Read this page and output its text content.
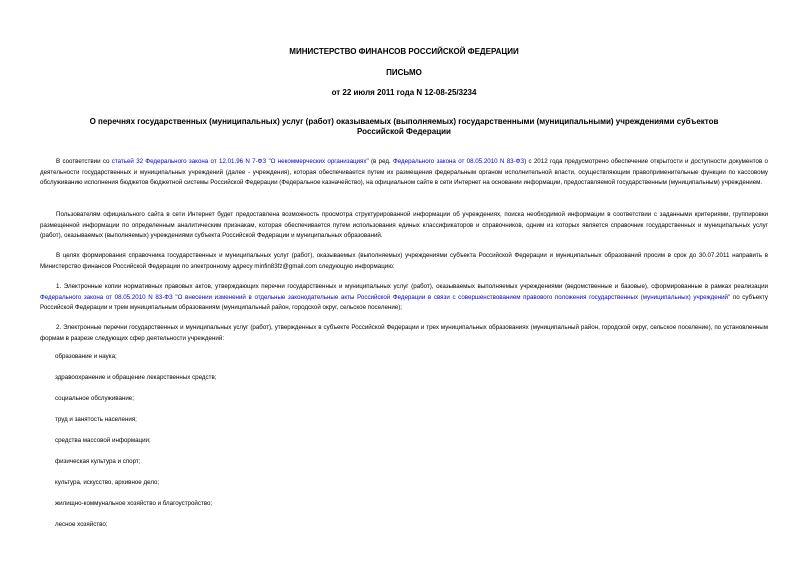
МИНИСТЕРСТВО ФИНАНСОВ РОССИЙСКОЙ ФЕДЕРАЦИИ
ПИСЬМО
от 22 июля 2011 года N 12-08-25/3234
О перечнях государственных (муниципальных) услуг (работ) оказываемых (выполняемых) государственными (муниципальными) учреждениями субъектов Российской Федерации
В соответствии со статьей 32 Федерального закона от 12.01.96 N 7-ФЗ "О некоммерческих организациях" (в ред. Федерального закона от 08.05.2010 N 83-ФЗ) с 2012 года предусмотрено обеспечение открытости и доступности документов о деятельности государственных и муниципальных учреждений (далее - учреждения), которая обеспечивается путем их размещения федеральным органом исполнительной власти, осуществляющим правоприменительные функции по кассовому обслуживанию исполнения бюджетов бюджетной системы Российской Федерации (Федеральное казначейство), на официальном сайте в сети Интернет на основании информации, предоставляемой государственным (муниципальным) учреждением.
Пользователям официального сайта в сети Интернет будет предоставлена возможность просмотра структурированной информации об учреждениях, поиска необходимой информации в соответствии с заданными критериями, группировки размещенной информации по определенным аналитическим признакам, которая обеспечивается путем использования единых классификаторов и справочников, одним из которых является справочник государственных и муниципальных услуг (работ), оказываемых (выполняемых) учреждениями субъекта Российской Федерации и муниципальных образований.
В целях формирования справочника государственных и муниципальных услуг (работ), оказываемых (выполняемых) учреждениями субъекта Российской Федерации и муниципальных образований просим в срок до 30.07.2011 направить в Министерство финансов Российской Федерации по электронному адресу minfin83fz@gmail.com следующую информацию:
1. Электронные копии нормативных правовых актов, утверждающих перечни государственных и муниципальных услуг (работ), оказываемых выполняемых учреждениями (ведомственные и базовые), сформированные в рамках реализации Федерального закона от 08.05.2010 N 83-ФЗ "О внесении изменений в отдельные законодательные акты Российской Федерации в связи с совершенствованием правового положения государственных (муниципальных) учреждений" по субъекту Российской Федерации и трем муниципальным образованиям (муниципальный район, городской округ, сельское поселение);
2. Электронные перечни государственных и муниципальных услуг (работ), утвержденных в субъекте Российской Федерации и трех муниципальных образованиях (муниципальный район, городской округ, сельское поселение), по установленным формам в разрезе следующих сфер деятельности учреждений:
образование и наука;
здравоохранение и обращение лекарственных средств;
социальное обслуживание;
труд и занятость населения;
средства массовой информации;
физическая культура и спорт;
культура, искусство, архивное дело;
жилищно-коммунальное хозяйство и благоустройство;
лесное хозяйство;
